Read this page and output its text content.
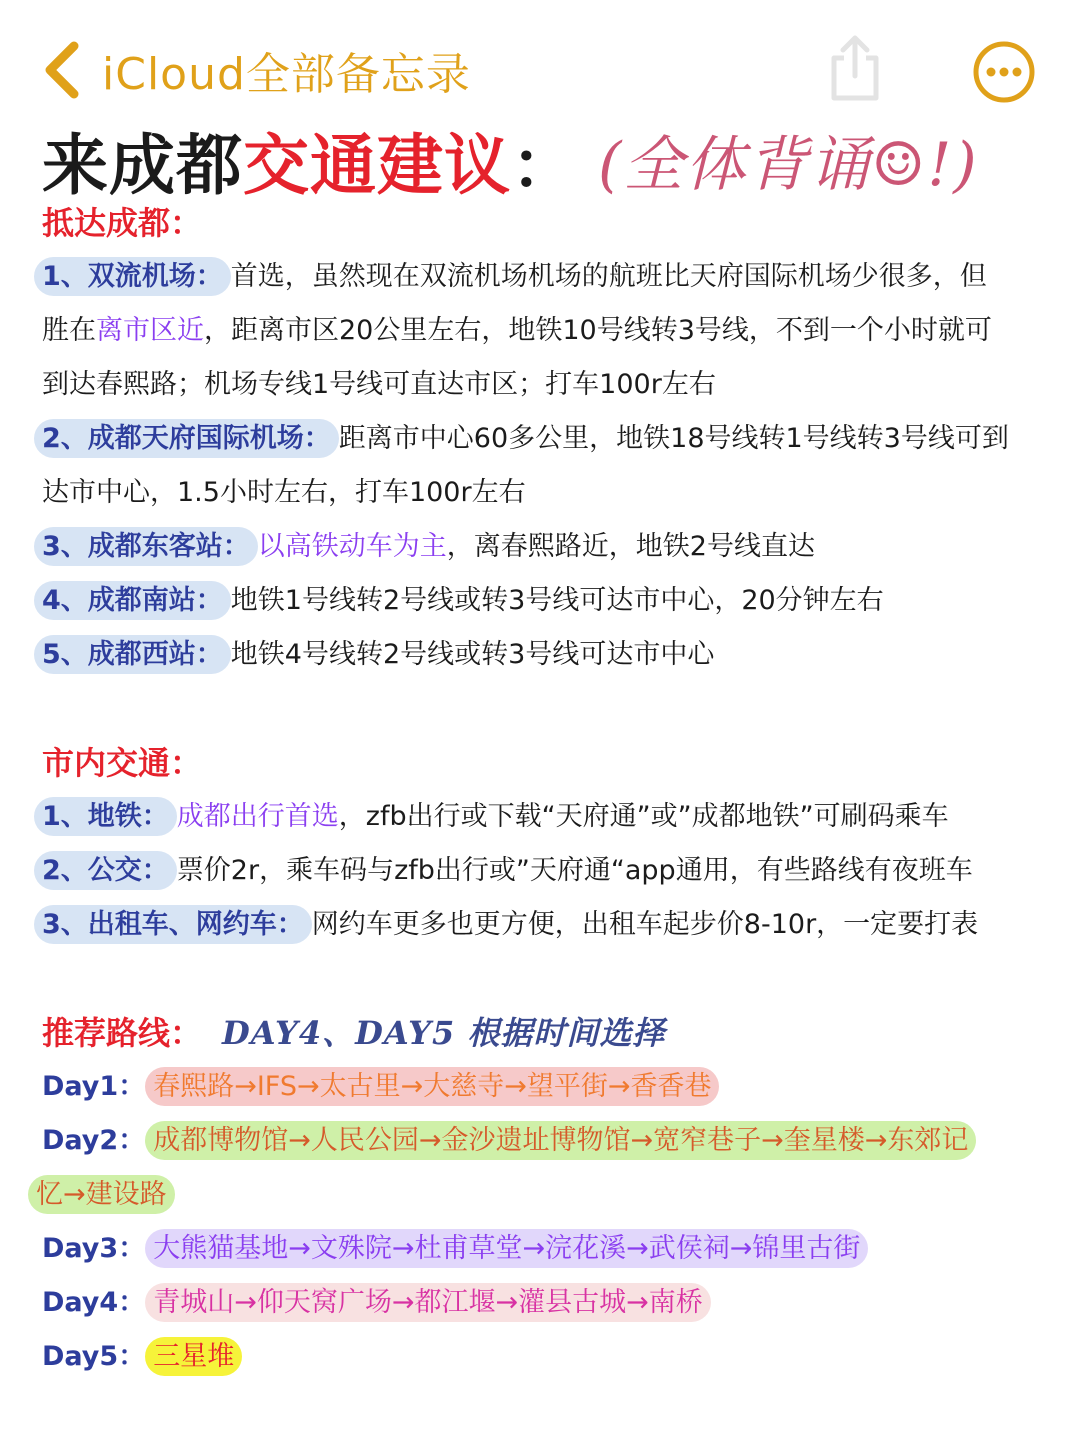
iCloud全部备忘录
来成都交通建议： (全体背诵☺!)
抵达成都：
1、双流机场： 首选，虽然现在双流机场机场的航班比天府国际机场少很多，但
胜在离市区近，距离市区20公里左右，地铁10号线转3号线，不到一个小时就可
到达春熙路；机场专线1号线可直达市区；打车100r左右
2、成都天府国际机场： 距离市中心60多公里，地铁18号线转1号线转3号线可到
达市中心，1.5小时左右，打车100r左右
3、成都东客站： 以高铁动车为主，离春熙路近，地铁2号线直达
4、成都南站： 地铁1号线转2号线或转3号线可达市中心，20分钟左右
5、成都西站： 地铁4号线转2号线或转3号线可达市中心
市内交通：
1、地铁： 成都出行首选，zfb出行或下载“天府通”或”成都地铁”可刷码乘车
2、公交： 票价2r，乘车码与zfb出行或”天府通“app通用，有些路线有夜班车
3、出租车、网约车： 网约车更多也更方便，出租车起步价8-10r，一定要打表
推荐路线： DAY4、DAY5 根据时间选择
Day1： 春熙路→IFS→太古里→大慈寺→望平街→香香巷
Day2： 成都博物馆→人民公园→金沙遗址博物馆→宽窄巷子→奎星楼→东郊记
忆→建设路
Day3： 大熊猫基地→文殊院→杜甫草堂→浣花溪→武侯祠→锦里古街
Day4： 青城山→仰天窝广场→都江堰→灌县古城→南桥
Day5： 三星堆
